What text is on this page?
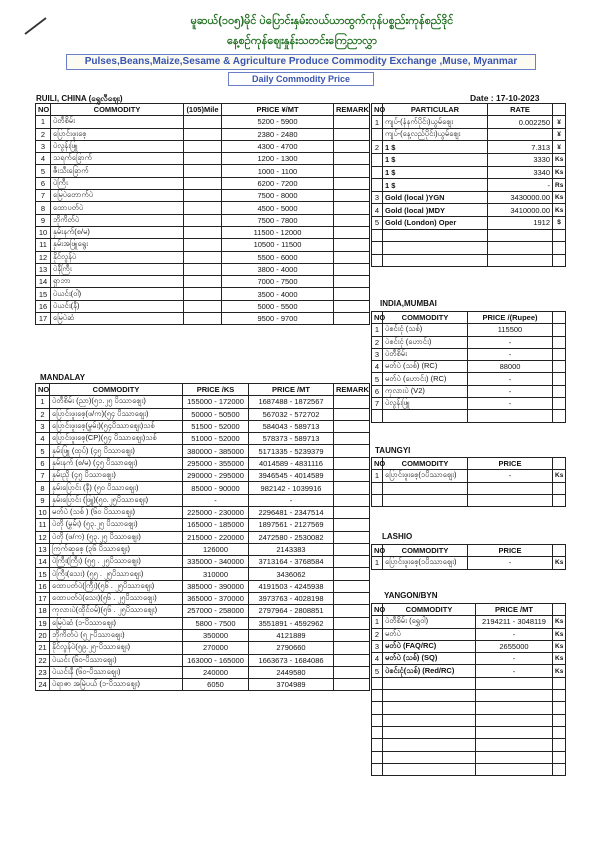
မူဆယ်(၁၀၅)မိုင် ပဲပြောင်းနှမ်းလယ်ယာထွက်ကုန်ပစ္စည်းကုန်စည်ဒိုင်
နေ့စဉ်ကုန်ဈေးနှုန်းသတင်းကြေညာလွှာ
Pulses,Beans,Maize,Sesame & Agriculture Produce Commodity Exchange ,Muse, Myanmar
Daily Commodity Price
RUILI, CHINA (ရွှေလီဈေး)	Date : 17-10-2023
NO	COMMODITY	(105)Mile	PRICE ¥/MT	REMARK
1	ပဲတီစိမ်း		5200 - 5900	
2	ပြောင်းဖူးစေ့		2380 - 2480	
3	ပဲလွန်းဖြူ		4300 - 4700	
4	သရက်ခြောက်		1200 - 1300	
5	ဇီးသီးခြောက်		1000 - 1100	
6	ပဲကြီး		6200 - 7200	
7	မြေပဲတောက်ပဲ		7500 - 8000	
8	ထောပတ်ပဲ		4500 - 5000	
9	ဘိုကိတ်ပဲ		7500 - 7800	
10	နှမ်းနက်(စ/မ)		11500 - 12000	
11	နှမ်းအဖြူရွေး		10500 - 11500	
12	နိုင်လွန်ပဲ		5500 - 6000	
13	ပဲနီကြီး		3800 - 4000	
14	ရှာဘာ		7000 - 7500	
15	ပဲယင်း(ဝါ)		3500 - 4000	
16	ပဲယင်း(နီ)		5000 - 5500	
17	မြေပဲဆံ		9500 - 9700	
NO	PARTICULAR	RATE	
1	ကျပ်-(နံနက်ပိုင်း)ယွမ်ဈေး	0.002250	¥
	ကျပ်-(နေ့လည်ပိုင်း)ယွမ်ဈေး		¥
2	1 $	7.313	¥
	1 $	3330	Ks
	1 $	3340	Ks
	1 $	-	Rs
3	Gold (local )YGN	3430000.00	Ks
4	Gold (local )MDY	3410000.00	Ks
5	Gold (London) Oper	1912	$

MANDALAY
NO	COMMODITY	PRICE /KS	PRICE /MT	REMARK
1	ပဲတီစိမ်း (ညာ)(၅၁.၂၅ ပိဿာဈေး)	155000 - 172000	1687488 - 1872567	
2	ပြောင်းဖူးစေ့(ဖ/က)(၅၄ ပိဿာဈေး)	50000 - 50500	567032 - 572702	
3	ပြောင်းဖူးစေ့(မွှမ်း)(၅၄ပိဿာဈေး)သစ်	51500 - 52000	584043 - 589713	
4	ပြောင်းဖူးစေ့(CP)(၅၄ ပိဿာဈေး)သစ်	51000 - 52000	578373 - 589713	
5	နှမ်းဖြူ (ထုပ်) (၄၅ ပိဿာဈေး)	380000 - 385000	5171335 - 5239379	
6	နှမ်းနက် (စ/မ) (၄၅ ပိဿာဈေး)	295000 - 355000	4014589 - 4831116	
7	နှမ်းညို (၄၅ ပိဿာဈေး)	290000 - 295000	3946545 - 4014589	
8	နှမ်းပြောင်း (နီ) (၅၀ ပိဿာဈေး)	85000 - 90000	982142 - 1039916	
9	နှမ်းပြောင်း (ဖြူ)(၅၀.၂၅ပိဿာဈေး)	-	-	
10	မတ်ပဲ (သစ် ) (၆၀ ပိဿာဈေး)	225000 - 230000	2296481 - 2347514	
11	ပဲတို (မွှမ်း) (၅၃.၂၅ ပိဿာဈေး)	165000 - 185000	1897561 - 2127569	
12	ပဲတို (ဖ/က) (၅၃.၂၅ ပိဿာဈေး)	215000 - 220000	2472580 - 2530082	
13	ကြက်ဆူစေ့ (၃၆ ပိဿာဈေး)	126000	2143383	
14	ပဲကြီး(ကြီး) (၅၅ . ၂၅ပိဿာဈေး)	335000 - 340000	3713164 - 3768584	
15	ပဲကြီး(သေး) (၅၅ . ၂၅ပိဿာဈေး)	310000	3436062	
16	ထောပတ်ပဲ(ကြီး)(၅၆ . ၂၅ပိဿာဈေး)	385000 - 390000	4191503 - 4245938	
17	ထောပတ်ပဲ(သေး)(၅၆ . ၂၅ပိဿာဈေး)	365000 - 370000	3973763 - 4028198	
18	ကုလားပဲ(ထိုင်ဝမ်)(၅၆ . ၂၅ပိဿာဈေး)	257000 - 258000	2797964 - 2808851	
19	မြေပဲဆံ (၁-ပိဿာဈေး)	5800 - 7500	3551891 - 4592962	
20	ဘိုကိတ်ပဲ (၅၂-ပိဿာဈေး)	350000	4121889	
21	နိုင်လွန်ပဲ(၅၉.၂၅-ပိဿာဈေး)	270000	2790660	
22	ပဲယင်း (၆၀-ပိဿာဈေး)	163000 - 165000	1663673 - 1684086	
23	ပဲယင်းနီ (၆၀-ပိဿာဈေး)	240000	2449580	
24	ပဲရာဇာ အမြဲပယ် (၁-ပိဿာဈေး)	6050	3704989	
INDIA,MUMBAI
NO	COMMODITY	PRICE /(Rupee)	
1	ပဲစင်းငုံ (သစ်)	115500	
2	ပဲစင်းငုံ (ဟောင်း)	-	
3	ပဲတီစိမ်း	-	
4	မတ်ပဲ (သစ်) (RC)	88000	
5	မတ်ပဲ (ဟောင်း) (RC)	-	
6	ကုလားပဲ (V2)	-	
7	ပဲလွန်းဖြူ	-	

TAUNGYI
NO	COMMODITY	PRICE	
1	ပြောင်းဖူးစေ့(၁ပိဿာဈေး)	-	Ks

LASHIO
NO	COMMODITY	PRICE	
1	ပြောင်းဖူးစေ့(၁ပိဿာဈေး)	-	Ks
YANGON/BYN
NO	COMMODITY	PRICE /MT	
1	ပဲတီစိမ်း (ရွှေဝါ)	2194211 - 3048119	Ks
2	မတ်ပဲ	-	Ks
3	မတ်ပဲ (FAQ/RC)	2655000	Ks
4	မတ်ပဲ (သစ်) (SQ)	-	Ks
5	ပဲစင်းငုံ(သစ်) (Red/RC)	-	Ks
